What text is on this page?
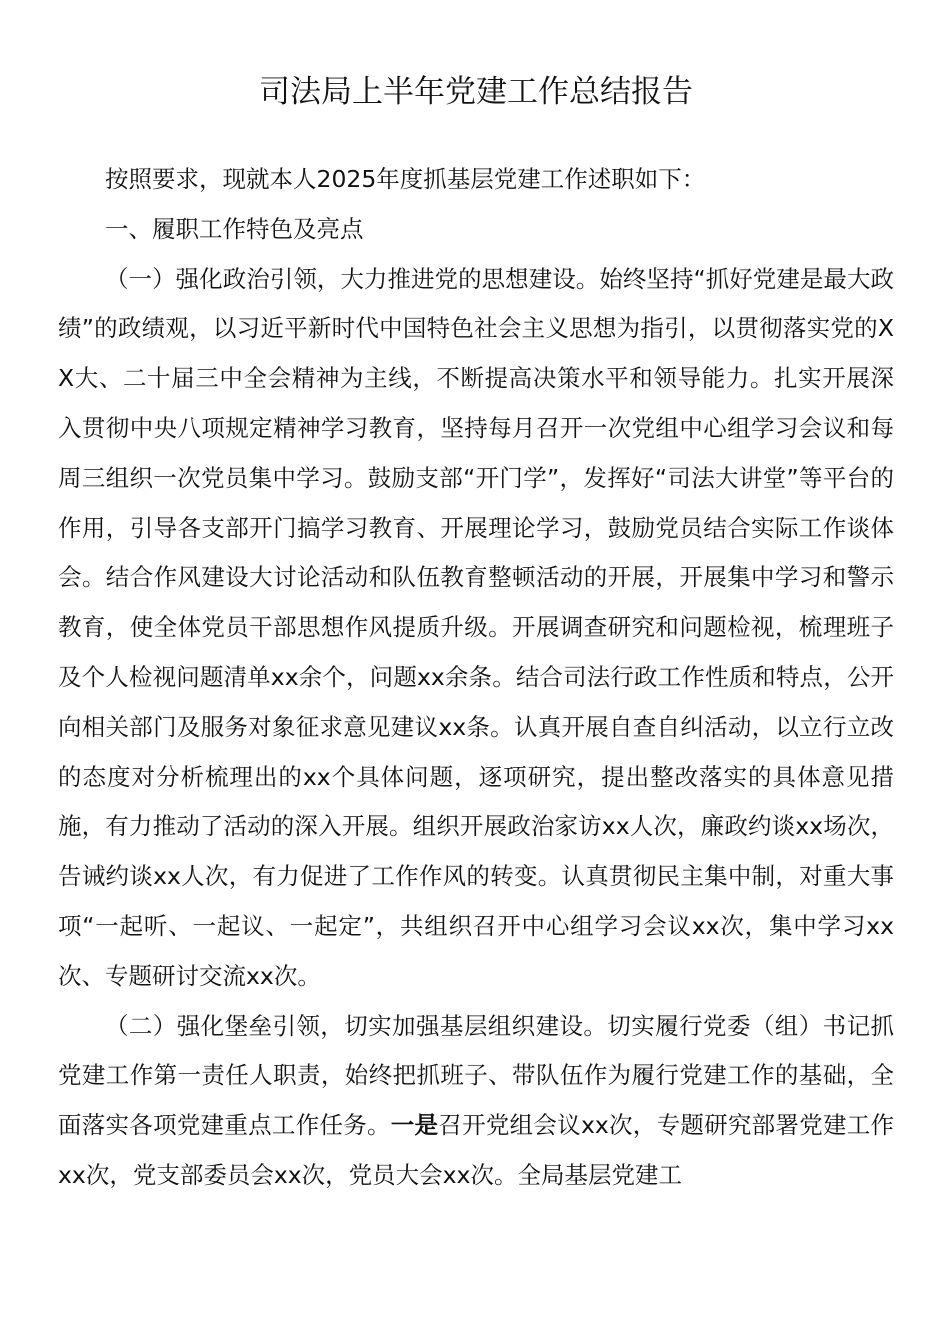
司法局上半年党建工作总结报告

按照要求，现就本人2025年度抓基层党建工作述职如下：

一、履职工作特色及亮点

（一）强化政治引领，大力推进党的思想建设。始终坚持“抓好党建是最大政绩”的政绩观，以习近平新时代中国特色社会主义思想为指引，以贯彻落实党的XX大、二十届三中全会精神为主线，不断提高决策水平和领导能力。扎实开展深入贯彻中央八项规定精神学习教育，坚持每月召开一次党组中心组学习会议和每周三组织一次党员集中学习。鼓励支部“开门学”，发挥好“司法大讲堂”等平台的作用，引导各支部开门搞学习教育、开展理论学习，鼓励党员结合实际工作谈体会。结合作风建设大讨论活动和队伍教育整顿活动的开展，开展集中学习和警示教育，使全体党员干部思想作风提质升级。开展调查研究和问题检视，梳理班子及个人检视问题清单xx余个，问题xx余条。结合司法行政工作性质和特点，公开向相关部门及服务对象征求意见建议xx条。认真开展自查自纠活动，以立行立改的态度对分析梳理出的xx个具体问题，逐项研究，提出整改落实的具体意见措施，有力推动了活动的深入开展。组织开展政治家访xx人次，廉政约谈xx场次，告诫约谈xx人次，有力促进了工作作风的转变。认真贯彻民主集中制，对重大事项“一起听、一起议、一起定”，共组织召开中心组学习会议xx次，集中学习xx次、专题研讨交流xx次。

（二）强化堡垒引领，切实加强基层组织建设。切实履行党委（组）书记抓党建工作第一责任人职责，始终把抓班子、带队伍作为履行党建工作的基础，全面落实各项党建重点工作任务。一是召开党组会议xx次，专题研究部署党建工作xx次，党支部委员会xx次，党员大会xx次。全局基层党建工
